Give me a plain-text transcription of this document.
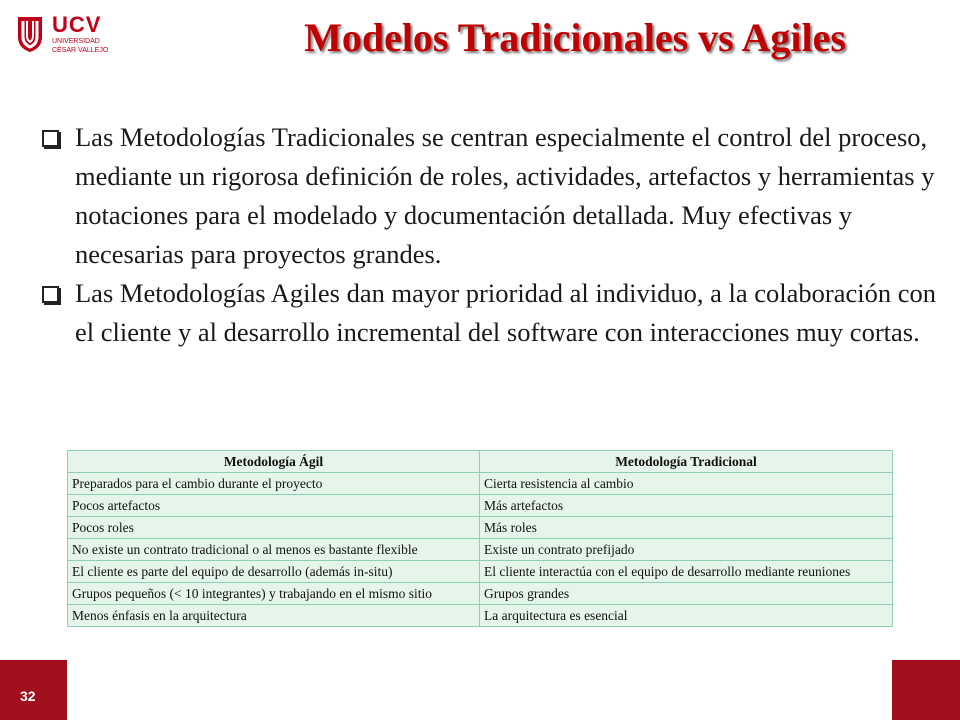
UCV
UNIVERSIDAD
CÉSAR VALLEJO	Modelos Tradicionales vs Agiles
Las Metodologías Tradicionales se centran especialmente el control del proceso, mediante un rigorosa definición de roles, actividades, artefactos y herramientas y notaciones para el modelado y documentación detallada. Muy efectivas y necesarias para proyectos grandes.
Las Metodologías Agiles dan mayor prioridad al individuo, a la colaboración con el cliente y al desarrollo incremental del software con interacciones muy cortas.
32
Metodología Ágil	Metodología Tradicional
Preparados para el cambio durante el proyecto	Cierta resistencia al cambio
Pocos artefactos	Más artefactos
Pocos roles	Más roles
No existe un contrato tradicional o al menos es bastante flexible	Existe un contrato prefijado
El cliente es parte del equipo de desarrollo (además in-situ)	El cliente interactúa con el equipo de desarrollo mediante reuniones
Grupos pequeños (< 10 integrantes) y trabajando en el mismo sitio	Grupos grandes
Menos énfasis en la arquitectura	La arquitectura es esencial
